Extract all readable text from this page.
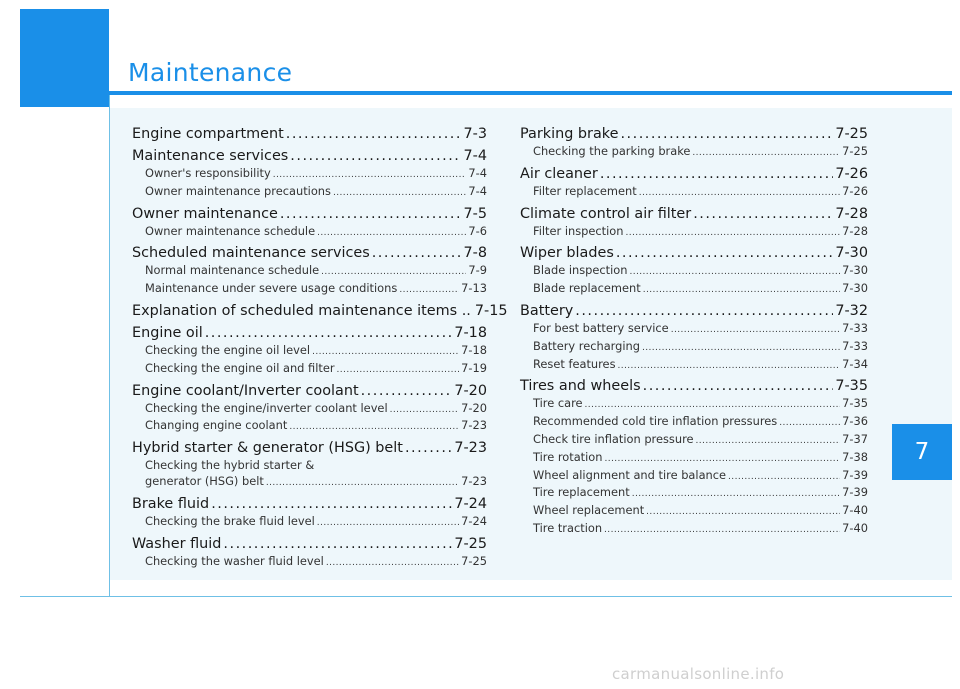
Maintenance
Engine compartment .....	7-3
Maintenance services .....	7-4
Owner's responsibility .....	7-4
Owner maintenance precautions .....	7-4
Owner maintenance .....	7-5
Owner maintenance schedule .....	7-6
Scheduled maintenance services .....	7-8
Normal maintenance schedule .....	7-9
Maintenance under severe usage conditions .....	7-13
Explanation of scheduled maintenance items .. 7-15
Engine oil .....	7-18
Checking the engine oil level .....	7-18
Checking the engine oil and filter .....	7-19
Engine coolant/Inverter coolant .....	7-20
Checking the engine/inverter coolant level .....	7-20
Changing engine coolant .....	7-23
Hybrid starter & generator (HSG) belt .....	7-23
Checking the hybrid starter &
generator (HSG) belt .....	7-23
Brake fluid .....	7-24
Checking the brake fluid level .....	7-24
Washer fluid .....	7-25
Checking the washer fluid level .....	7-25
Parking brake .....	7-25
Checking the parking brake .....	7-25
Air cleaner .....	7-26
Filter replacement .....	7-26
Climate control air filter .....	7-28
Filter inspection .....	7-28
Wiper blades .....	7-30
Blade inspection .....	7-30
Blade replacement .....	7-30
Battery .....	7-32
For best battery service .....	7-33
Battery recharging .....	7-33
Reset features .....	7-34
Tires and wheels .....	7-35
Tire care .....	7-35
Recommended cold tire inflation pressures .....	7-36
Check tire inflation pressure .....	7-37
Tire rotation .....	7-38
Wheel alignment and tire balance .....	7-39
Tire replacement .....	7-39
Wheel replacement .....	7-40
Tire traction .....	7-40
7
carmanualsonline.info
